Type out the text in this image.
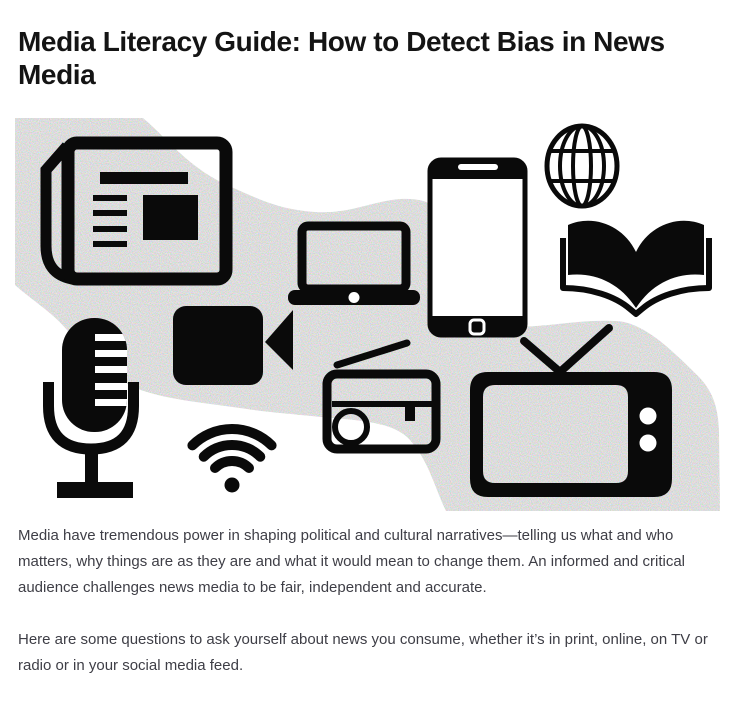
Media Literacy Guide: How to Detect Bias in News Media

Media have tremendous power in shaping political and cultural narratives—telling us what and who matters, why things are as they are and what it would mean to change them. An informed and critical audience challenges news media to be fair, independent and accurate.

Here are some questions to ask yourself about news you consume, whether it’s in print, online, on TV or radio or in your social media feed.
